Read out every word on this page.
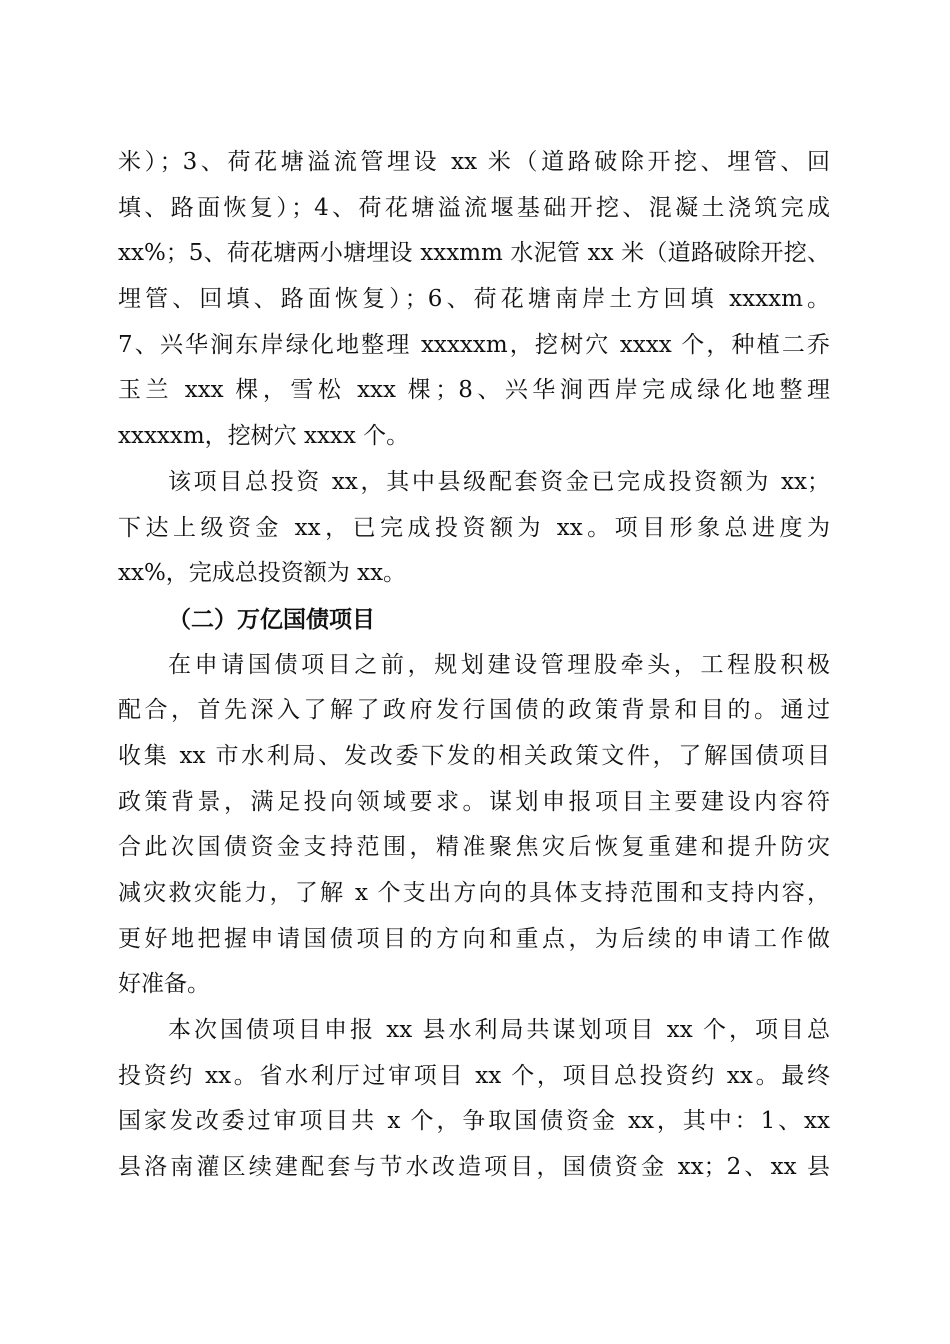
米）；3、荷花塘溢流管埋设 xx 米（道路破除开挖、埋管、回
填、路面恢复）；4、荷花塘溢流堰基础开挖、混凝土浇筑完成
xx%；5、荷花塘两小塘埋设 xxxmm 水泥管 xx 米（道路破除开挖、
埋管、回填、路面恢复）；6、荷花塘南岸土方回填 xxxxm。
7、兴华涧东岸绿化地整理 xxxxxm，挖树穴 xxxx 个，种植二乔
玉兰 xxx 棵，雪松 xxx 棵；8、兴华涧西岸完成绿化地整理
xxxxxm，挖树穴 xxxx 个。
该项目总投资 xx，其中县级配套资金已完成投资额为 xx；
下达上级资金 xx，已完成投资额为 xx。项目形象总进度为
xx%，完成总投资额为 xx。
（二）万亿国债项目
在申请国债项目之前，规划建设管理股牵头，工程股积极
配合，首先深入了解了政府发行国债的政策背景和目的。通过
收集 xx 市水利局、发改委下发的相关政策文件，了解国债项目
政策背景，满足投向领域要求。谋划申报项目主要建设内容符
合此次国债资金支持范围，精准聚焦灾后恢复重建和提升防灾
减灾救灾能力，了解 x 个支出方向的具体支持范围和支持内容，
更好地把握申请国债项目的方向和重点，为后续的申请工作做
好准备。
本次国债项目申报 xx 县水利局共谋划项目 xx 个，项目总
投资约 xx。省水利厅过审项目 xx 个，项目总投资约 xx。最终
国家发改委过审项目共 x 个，争取国债资金 xx，其中：1、xx
县洛南灌区续建配套与节水改造项目，国债资金 xx；2、xx 县
